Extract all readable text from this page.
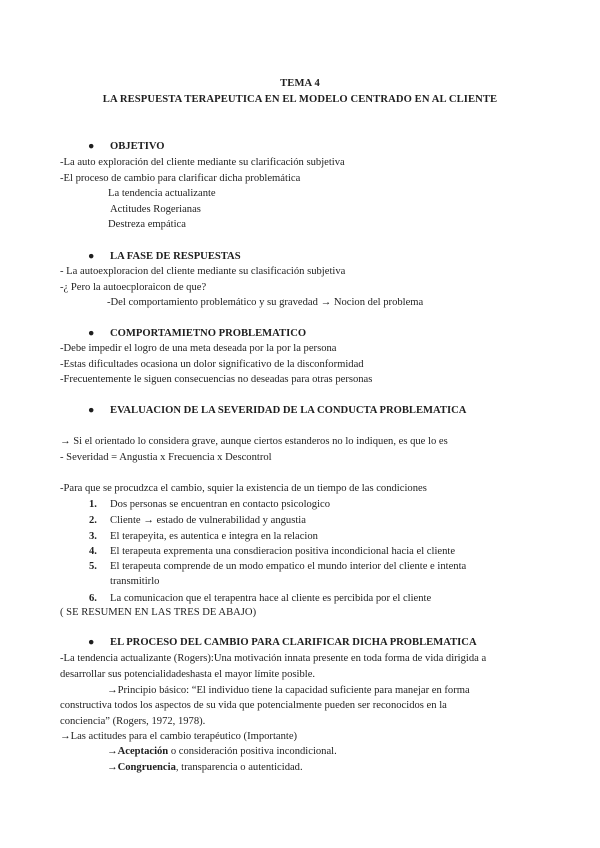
TEMA 4
LA RESPUESTA TERAPEUTICA EN EL MODELO CENTRADO EN AL CLIENTE
● OBJETIVO
-La auto exploración del cliente mediante su clarificación subjetiva
-El proceso de cambio para clarificar dicha problemática
La tendencia actualizante
Actitudes Rogerianas
Destreza empática
● LA FASE DE RESPUESTAS
- La autoexploracion del cliente mediante su clasificación subjetiva
-¿ Pero la autoecploraicon de que?
-Del comportamiento problemático y su gravedad → Nocion del problema
● COMPORTAMIETNO PROBLEMATICO
-Debe impedir el logro de una meta deseada por la por la persona
-Estas dificultades ocasiona un dolor significativo de la disconformidad
-Frecuentemente le siguen consecuencias no deseadas para otras personas
● EVALUACION DE LA SEVERIDAD DE LA CONDUCTA PROBLEMATICA
→ Si el orientado lo considera grave, aunque ciertos estanderos no lo indiquen, es que lo es
- Severidad = Angustia x Frecuencia x Descontrol
-Para que se procudzca el cambio, squier la existencia de un tiempo de las condiciones
1.	Dos personas se encuentran en contacto psicologico
2.	Cliente → estado de vulnerabilidad y angustia
3.	El terapeyita, es autentica e integra en la relacion
4.	El terapeuta exprementa una consdieracion positiva incondicional hacia el cliente
5.	El terapeuta comprende de un modo empatico el mundo interior del cliente e intenta
transmitirlo
6.	La comunicacion que el terapentra hace al cliente es percibida por el cliente
( SE RESUMEN EN LAS TRES DE ABAJO)
● EL PROCESO DEL CAMBIO PARA CLARIFICAR DICHA PROBLEMATICA
-La tendencia actualizante (Rogers):Una motivación innata presente en toda forma de vida dirigida a
desarrollar sus potencialidadeshasta el mayor límite posible.
→Principio básico: “El individuo tiene la capacidad suficiente para manejar en forma
constructiva todos los aspectos de su vida que potencialmente pueden ser reconocidos en la
conciencia” (Rogers, 1972, 1978).
→Las actitudes para el cambio terapéutico (Importante)
→Aceptación o consideración positiva incondicional.
→Congruencia, transparencia o autenticidad.
